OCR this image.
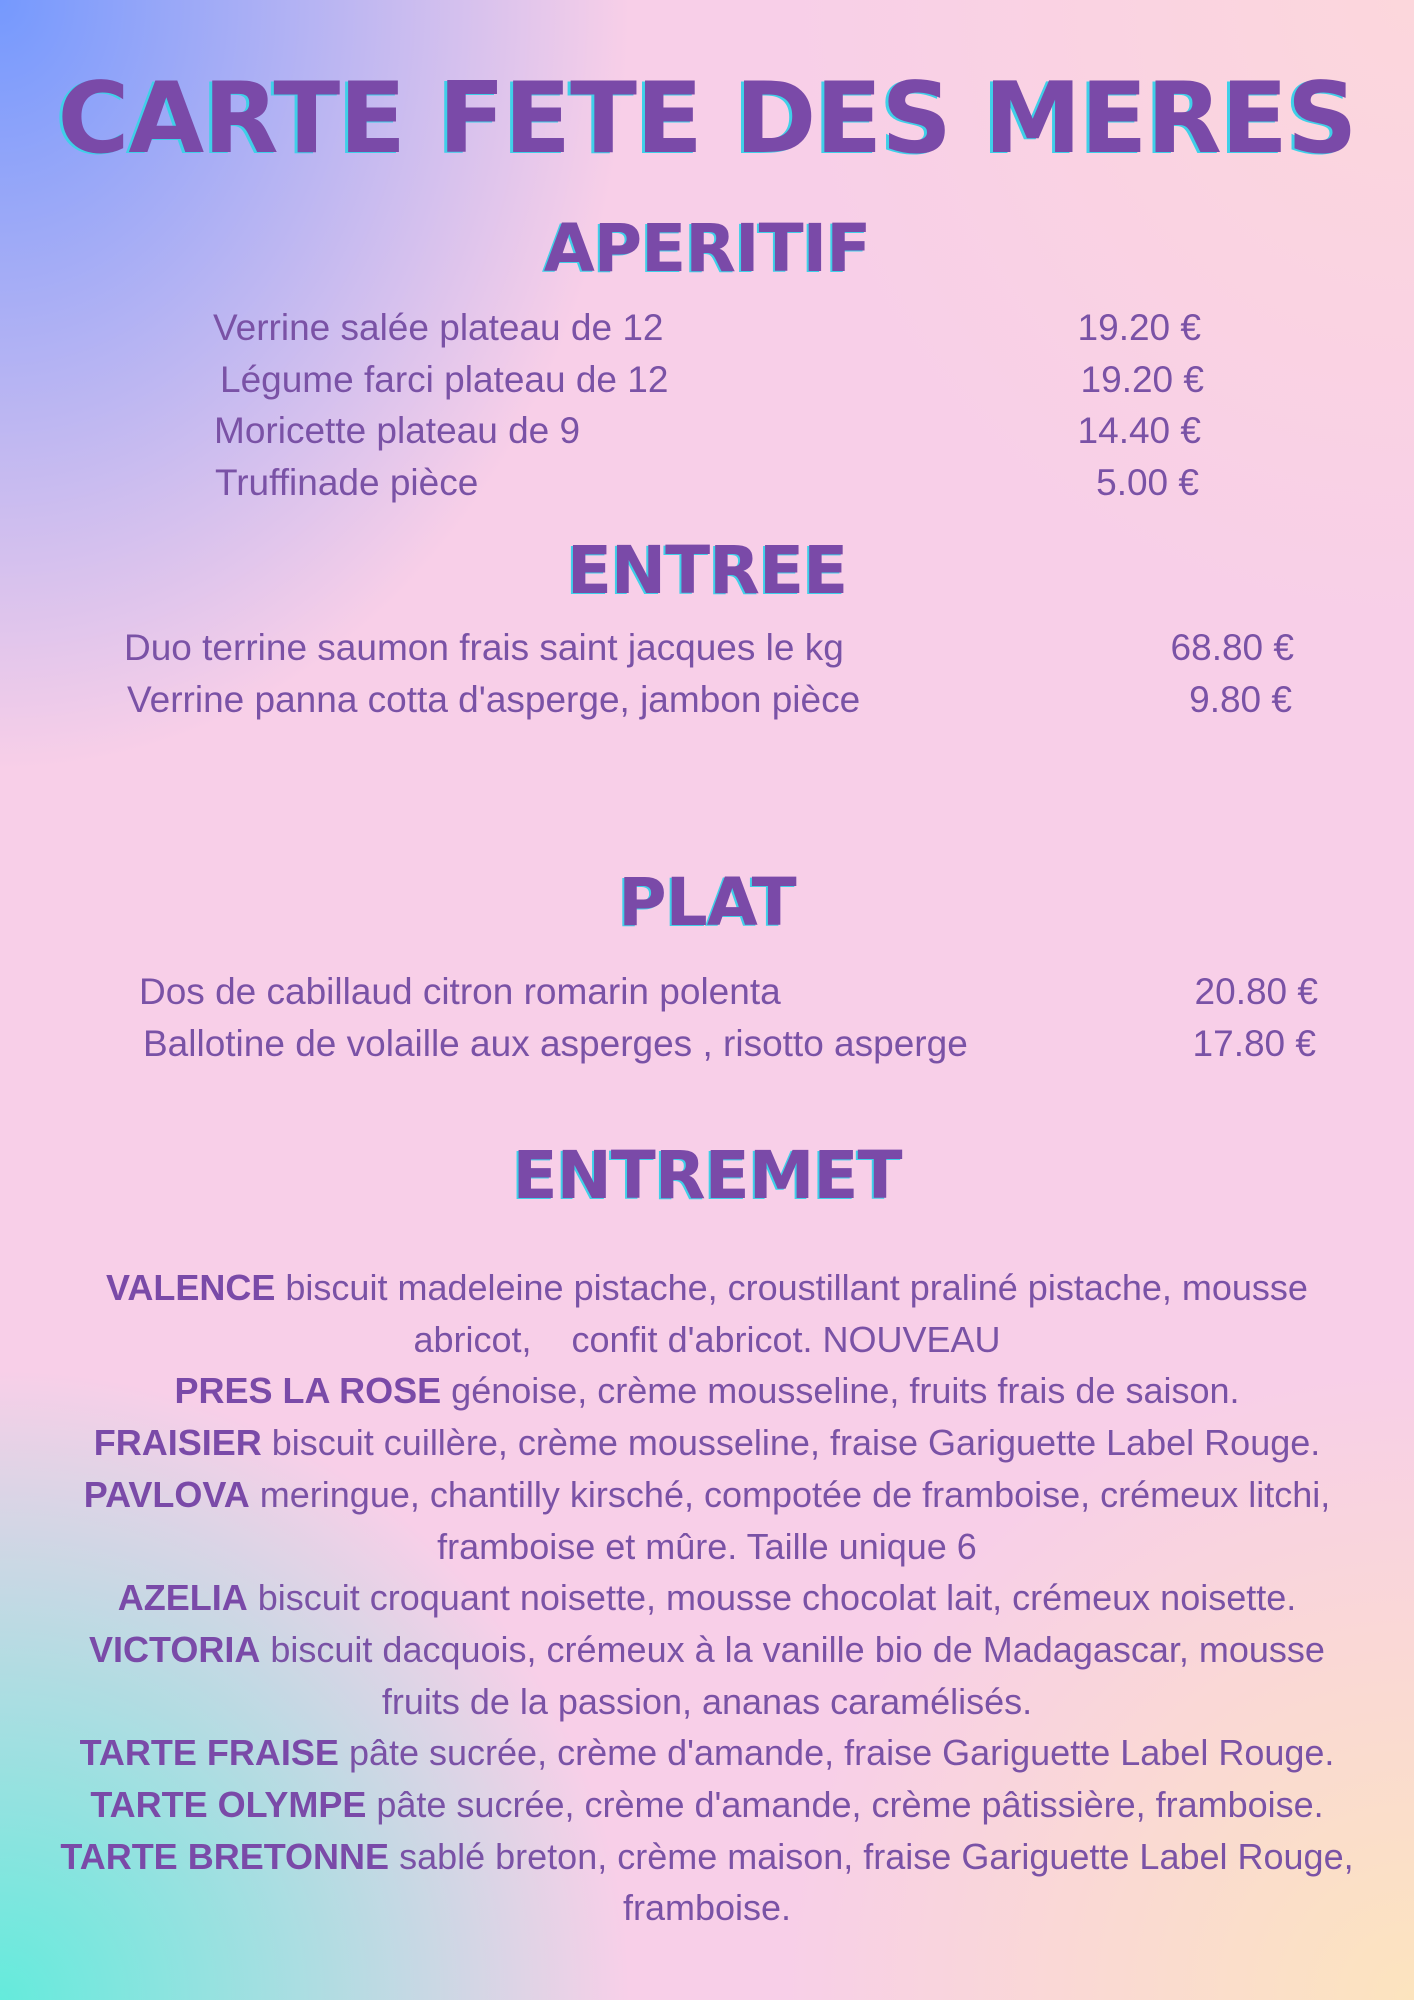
CARTE FETE DES MERES
APERITIF
Verrine salée plateau de 12	19.20 €
Légume farci plateau de 12	19.20 €
Moricette plateau de 9	14.40 €
Truffinade pièce	5.00 €
ENTREE
Duo terrine saumon frais saint jacques le kg	68.80 €
Verrine panna cotta d'asperge, jambon pièce	9.80 €
PLAT
Dos de cabillaud citron romarin polenta	20.80 €
Ballotine de volaille aux asperges , risotto asperge	17.80 €
ENTREMET
VALENCE biscuit madeleine pistache, croustillant praliné pistache, mousse
abricot,    confit d'abricot. NOUVEAU
PRES LA ROSE génoise, crème mousseline, fruits frais de saison.
FRAISIER biscuit cuillère, crème mousseline, fraise Gariguette Label Rouge.
PAVLOVA meringue, chantilly kirsché, compotée de framboise, crémeux litchi,
framboise et mûre. Taille unique 6
AZELIA biscuit croquant noisette, mousse chocolat lait, crémeux noisette.
VICTORIA biscuit dacquois, crémeux à la vanille bio de Madagascar, mousse
fruits de la passion, ananas caramélisés.
TARTE FRAISE pâte sucrée, crème d'amande, fraise Gariguette Label Rouge.
TARTE OLYMPE pâte sucrée, crème d'amande, crème pâtissière, framboise.
TARTE BRETONNE sablé breton, crème maison, fraise Gariguette Label Rouge,
framboise.
